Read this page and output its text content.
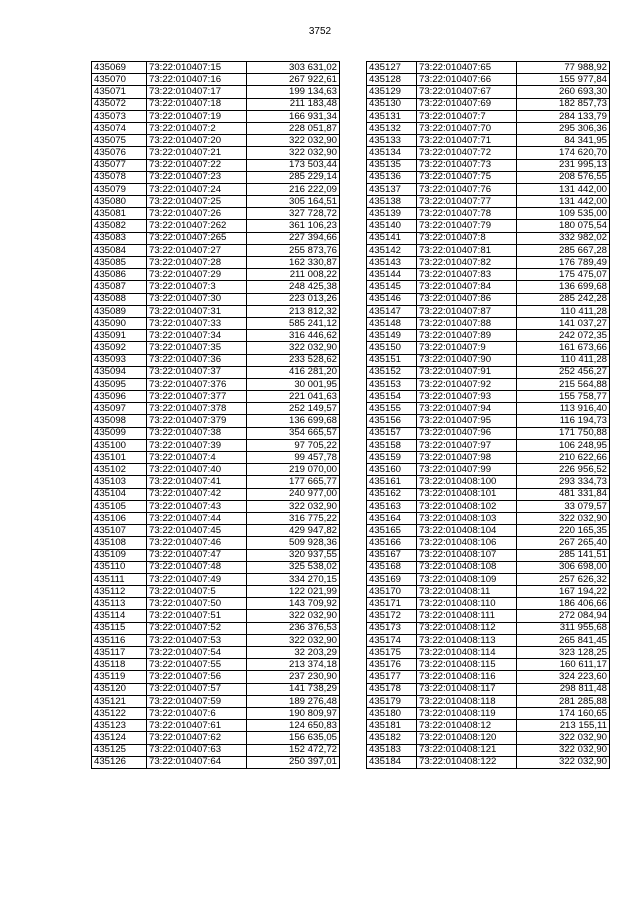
3752
435069	73:22:010407:15	303 631,02
435070	73:22:010407:16	267 922,61
435071	73:22:010407:17	199 134,63
435072	73:22:010407:18	211 183,48
435073	73:22:010407:19	166 931,34
435074	73:22:010407:2	228 051,87
435075	73:22:010407:20	322 032,90
435076	73:22:010407:21	322 032,90
435077	73:22:010407:22	173 503,44
435078	73:22:010407:23	285 229,14
435079	73:22:010407:24	216 222,09
435080	73:22:010407:25	305 164,51
435081	73:22:010407:26	327 728,72
435082	73:22:010407:262	361 106,23
435083	73:22:010407:265	227 394,66
435084	73:22:010407:27	255 873,76
435085	73:22:010407:28	162 330,87
435086	73:22:010407:29	211 008,22
435087	73:22:010407:3	248 425,38
435088	73:22:010407:30	223 013,26
435089	73:22:010407:31	213 812,32
435090	73:22:010407:33	585 241,12
435091	73:22:010407:34	316 446,62
435092	73:22:010407:35	322 032,90
435093	73:22:010407:36	233 528,62
435094	73:22:010407:37	416 281,20
435095	73:22:010407:376	30 001,95
435096	73:22:010407:377	221 041,63
435097	73:22:010407:378	252 149,57
435098	73:22:010407:379	136 699,68
435099	73:22:010407:38	354 665,57
435100	73:22:010407:39	97 705,22
435101	73:22:010407:4	99 457,78
435102	73:22:010407:40	219 070,00
435103	73:22:010407:41	177 665,77
435104	73:22:010407:42	240 977,00
435105	73:22:010407:43	322 032,90
435106	73:22:010407:44	316 775,22
435107	73:22:010407:45	429 947,82
435108	73:22:010407:46	509 928,36
435109	73:22:010407:47	320 937,55
435110	73:22:010407:48	325 538,02
435111	73:22:010407:49	334 270,15
435112	73:22:010407:5	122 021,99
435113	73:22:010407:50	143 709,92
435114	73:22:010407:51	322 032,90
435115	73:22:010407:52	236 376,53
435116	73:22:010407:53	322 032,90
435117	73:22:010407:54	32 203,29
435118	73:22:010407:55	213 374,18
435119	73:22:010407:56	237 230,90
435120	73:22:010407:57	141 738,29
435121	73:22:010407:59	189 276,48
435122	73:22:010407:6	190 809,97
435123	73:22:010407:61	124 650,83
435124	73:22:010407:62	156 635,05
435125	73:22:010407:63	152 472,72
435126	73:22:010407:64	250 397,01
435127	73:22:010407:65	77 988,92
435128	73:22:010407:66	155 977,84
435129	73:22:010407:67	260 693,30
435130	73:22:010407:69	182 857,73
435131	73:22:010407:7	284 133,79
435132	73:22:010407:70	295 306,36
435133	73:22:010407:71	84 341,95
435134	73:22:010407:72	174 620,70
435135	73:22:010407:73	231 995,13
435136	73:22:010407:75	208 576,55
435137	73:22:010407:76	131 442,00
435138	73:22:010407:77	131 442,00
435139	73:22:010407:78	109 535,00
435140	73:22:010407:79	180 075,54
435141	73:22:010407:8	332 982,02
435142	73:22:010407:81	285 667,28
435143	73:22:010407:82	176 789,49
435144	73:22:010407:83	175 475,07
435145	73:22:010407:84	136 699,68
435146	73:22:010407:86	285 242,28
435147	73:22:010407:87	110 411,28
435148	73:22:010407:88	141 037,27
435149	73:22:010407:89	242 072,35
435150	73:22:010407:9	161 673,66
435151	73:22:010407:90	110 411,28
435152	73:22:010407:91	252 456,27
435153	73:22:010407:92	215 564,88
435154	73:22:010407:93	155 758,77
435155	73:22:010407:94	113 916,40
435156	73:22:010407:95	116 194,73
435157	73:22:010407:96	171 750,88
435158	73:22:010407:97	106 248,95
435159	73:22:010407:98	210 622,66
435160	73:22:010407:99	226 956,52
435161	73:22:010408:100	293 334,73
435162	73:22:010408:101	481 331,84
435163	73:22:010408:102	33 079,57
435164	73:22:010408:103	322 032,90
435165	73:22:010408:104	220 165,35
435166	73:22:010408:106	267 265,40
435167	73:22:010408:107	285 141,51
435168	73:22:010408:108	306 698,00
435169	73:22:010408:109	257 626,32
435170	73:22:010408:11	167 194,22
435171	73:22:010408:110	186 406,66
435172	73:22:010408:111	272 084,94
435173	73:22:010408:112	311 955,68
435174	73:22:010408:113	265 841,45
435175	73:22:010408:114	323 128,25
435176	73:22:010408:115	160 611,17
435177	73:22:010408:116	324 223,60
435178	73:22:010408:117	298 811,48
435179	73:22:010408:118	281 285,88
435180	73:22:010408:119	174 160,65
435181	73:22:010408:12	213 155,11
435182	73:22:010408:120	322 032,90
435183	73:22:010408:121	322 032,90
435184	73:22:010408:122	322 032,90
